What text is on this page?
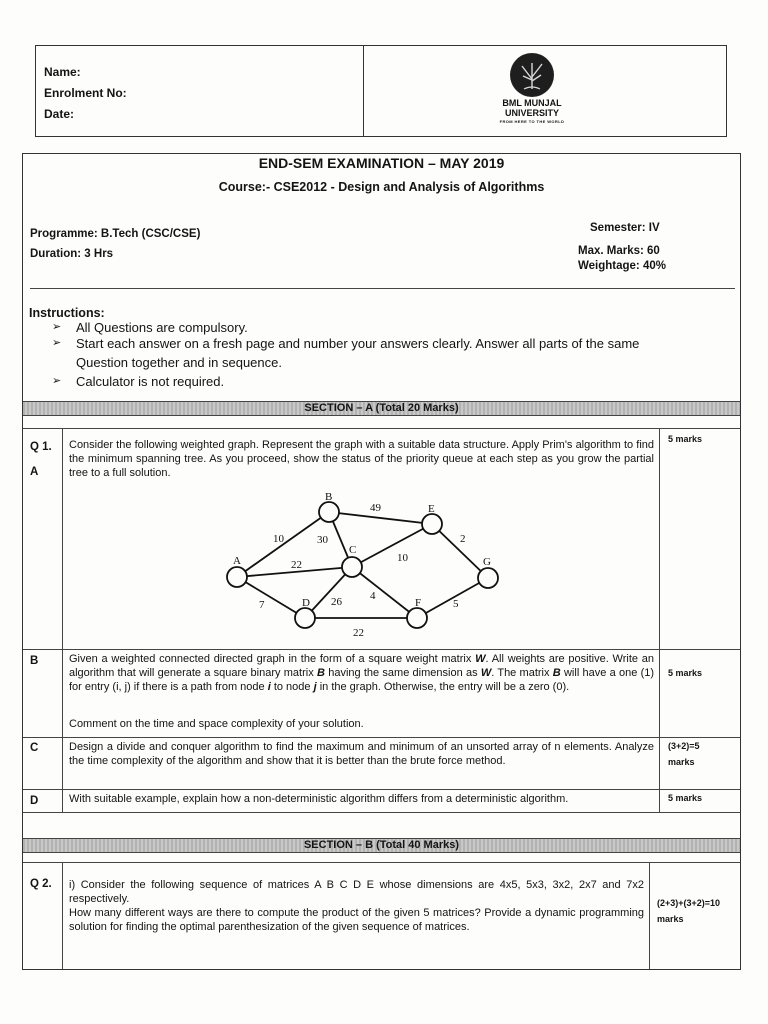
Name:
Enrolment No:
Date:
BML MUNJAL
UNIVERSITY
FROM HERE TO THE WORLD
END-SEM EXAMINATION – MAY 2019
Course:- CSE2012 - Design and Analysis of Algorithms
Programme: B.Tech (CSC/CSE)
Duration: 3 Hrs
Semester: IV
Max. Marks: 60
Weightage: 40%
Instructions:
➢ All Questions are compulsory.
➢ Start each answer on a fresh page and number your answers clearly. Answer all parts of the same
Question together and in sequence.
➢ Calculator is not required.
SECTION – A (Total 20 Marks)
Q 1.
A
Consider the following weighted graph. Represent the graph with a suitable data structure. Apply Prim's algorithm to find the minimum spanning tree. As you proceed, show the status of the priority queue at each step as you grow the partial tree to a full solution.
5 marks
A
B
C
D
E
F
G
10	30
49
22
10
2
7	26	4
5
22
B	Given a weighted connected directed graph in the form of a square weight matrix W. All weights are positive. Write an algorithm that will generate a square binary matrix B having the same dimension as W. The matrix B will have a one (1) for entry (i, j) if there is a path from node i to node j in the graph. Otherwise, the entry will be a zero (0).
Comment on the time and space complexity of your solution.
5 marks
C	Design a divide and conquer algorithm to find the maximum and minimum of an unsorted array of n elements. Analyze the time complexity of the algorithm and show that it is better than the brute force method.
(3+2)=5
marks
D	With suitable example, explain how a non-deterministic algorithm differs from a deterministic algorithm.	5 marks
SECTION – B (Total 40 Marks)
Q 2. i) Consider the following sequence of matrices A B C D E whose dimensions are 4x5, 5x3, 3x2, 2x7 and 7x2 respectively.
How many different ways are there to compute the product of the given 5 matrices? Provide a dynamic programming solution for finding the optimal parenthesization of the given sequence of matrices.
(2+3)+(3+2)=10
marks
